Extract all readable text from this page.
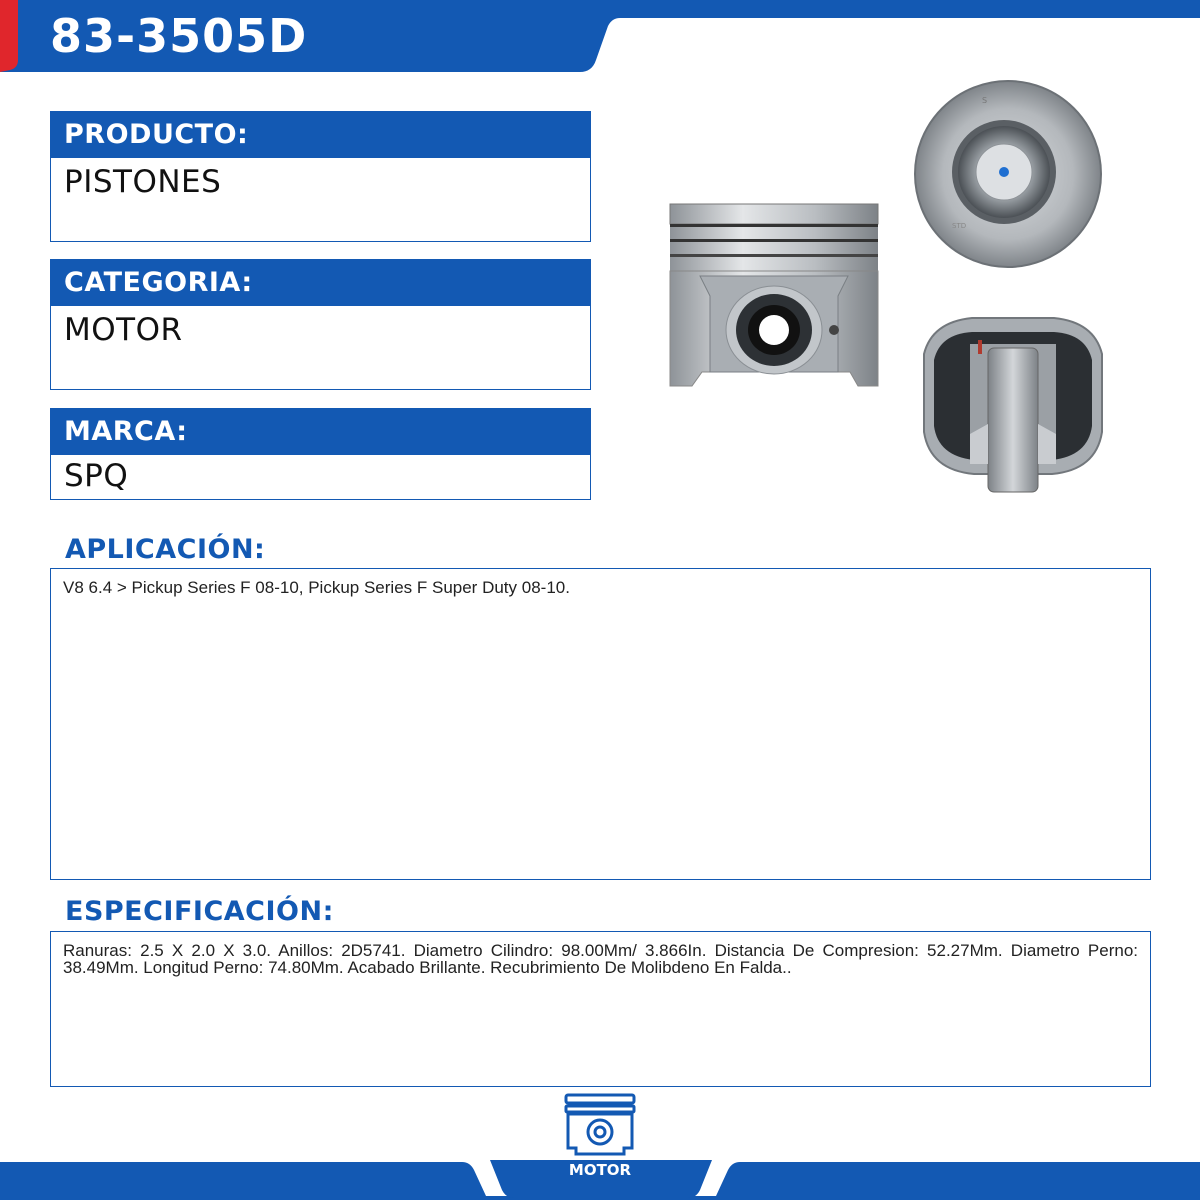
83-3505D
PRODUCTO:
PISTONES
CATEGORIA:
MOTOR
MARCA:
SPQ
S
STD
APLICACIÓN:
V8 6.4 > Pickup Series F 08-10, Pickup Series F Super Duty 08-10.
ESPECIFICACIÓN:
Ranuras: 2.5 X 2.0 X 3.0. Anillos: 2D5741. Diametro Cilindro: 98.00Mm/ 3.866In. Distancia De Compresion: 52.27Mm. Diametro Perno: 38.49Mm. Longitud Perno: 74.80Mm. Acabado Brillante. Recubrimiento De Molibdeno En Falda..
MOTOR
